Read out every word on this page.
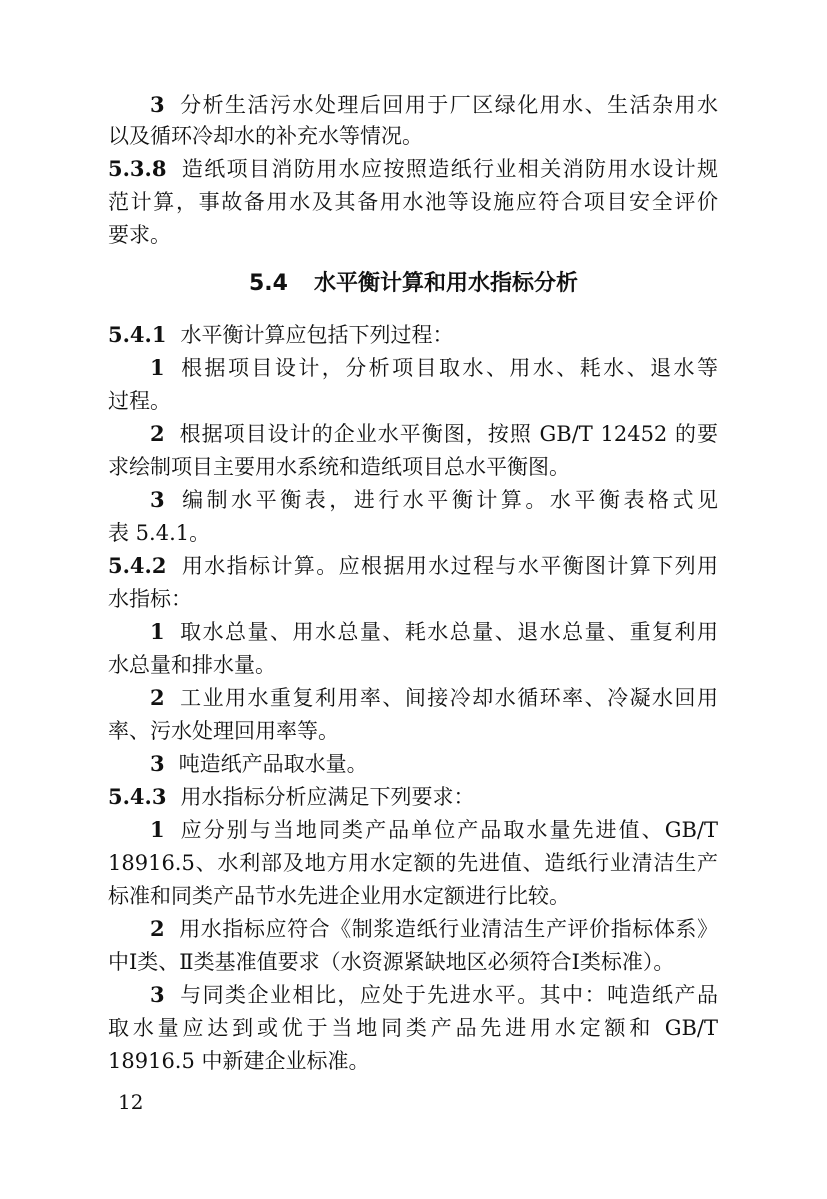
3 分析生活污水处理后回用于厂区绿化用水、生活杂用水
以及循环冷却水的补充水等情况。
5.3.8 造纸项目消防用水应按照造纸行业相关消防用水设计规
范计算，事故备用水及其备用水池等设施应符合项目安全评价
要求。
5.4 水平衡计算和用水指标分析
5.4.1 水平衡计算应包括下列过程：
1 根据项目设计，分析项目取水、用水、耗水、退水等
过程。
2 根据项目设计的企业水平衡图，按照 GB/T 12452 的要
求绘制项目主要用水系统和造纸项目总水平衡图。
3 编制水平衡表，进行水平衡计算。水平衡表格式见
表 5.4.1。
5.4.2 用水指标计算。应根据用水过程与水平衡图计算下列用
水指标：
1 取水总量、用水总量、耗水总量、退水总量、重复利用
水总量和排水量。
2 工业用水重复利用率、间接冷却水循环率、冷凝水回用
率、污水处理回用率等。
3 吨造纸产品取水量。
5.4.3 用水指标分析应满足下列要求：
1 应分别与当地同类产品单位产品取水量先进值、GB/T
18916.5、水利部及地方用水定额的先进值、造纸行业清洁生产
标准和同类产品节水先进企业用水定额进行比较。
2 用水指标应符合《制浆造纸行业清洁生产评价指标体系》
中Ⅰ类、Ⅱ类基准值要求（水资源紧缺地区必须符合Ⅰ类标准）。
3 与同类企业相比，应处于先进水平。其中：吨造纸产品
取水量应达到或优于当地同类产品先进用水定额和 GB/T
18916.5 中新建企业标准。
12
